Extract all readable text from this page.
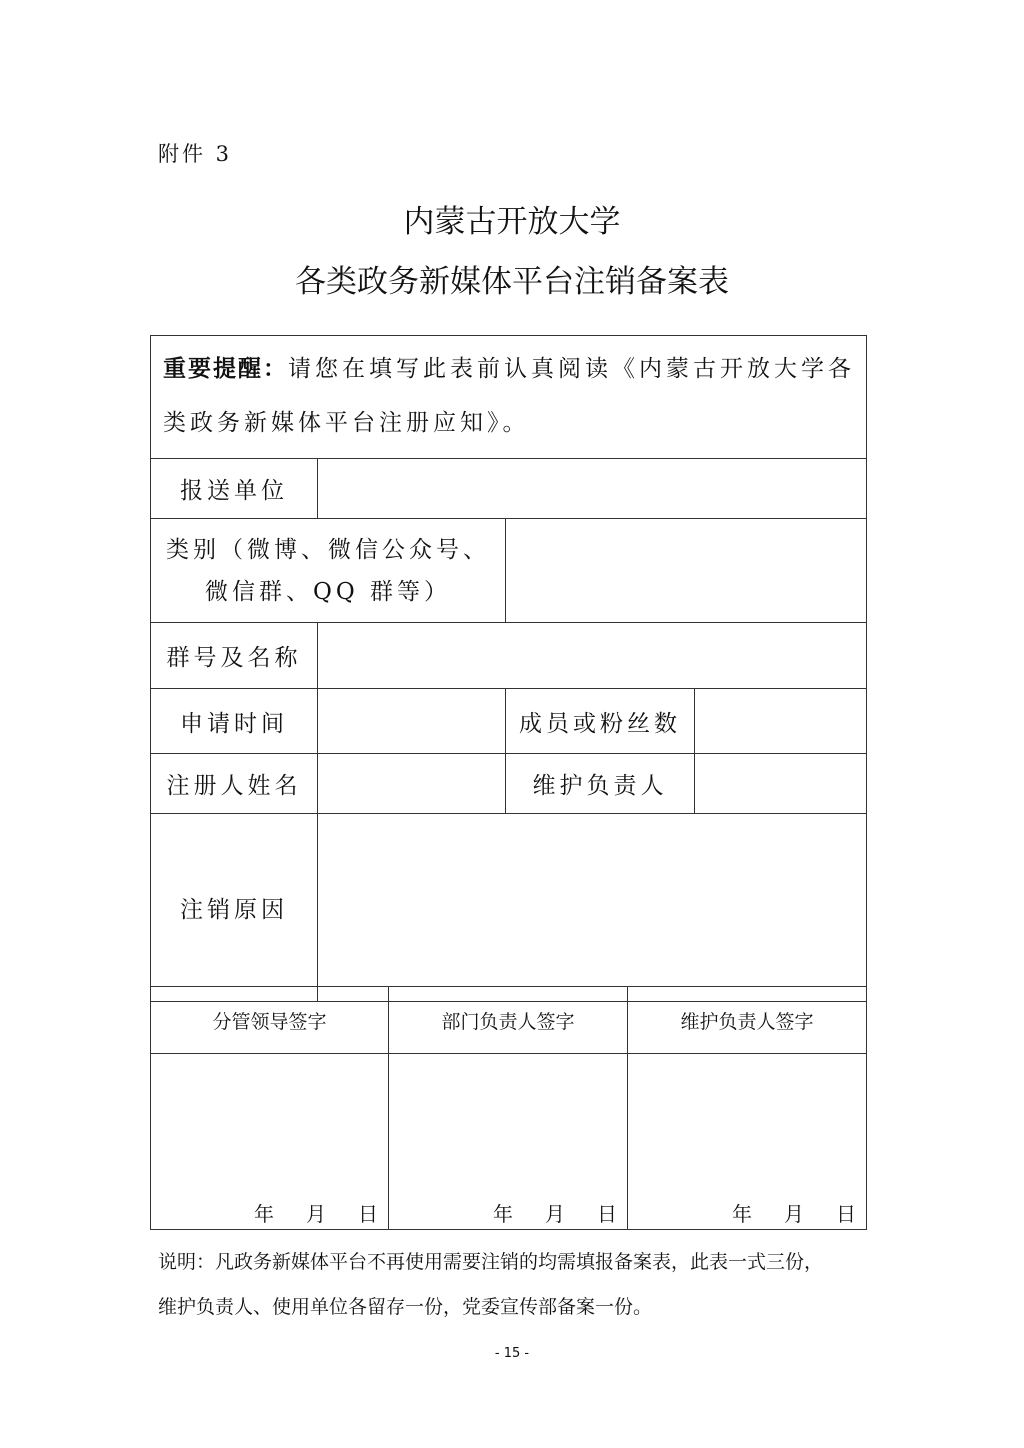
附件 3
内蒙古开放大学
各类政务新媒体平台注销备案表
重要提醒：请您在填写此表前认真阅读《内蒙古开放大学各类政务新媒体平台注册应知》。			
报送单位			

类别（微博、微信公众号、
微信群、QQ 群等）			

群号及名称			
申请时间		成员或粉丝数	
注册人姓名		维护负责人	
注销原因			
分管领导签字	部门负责人签字	维护负责人签字

年 月 日	年 月 日	年 月 日
说明：凡政务新媒体平台不再使用需要注销的均需填报备案表，此表一式三份，
维护负责人、使用单位各留存一份，党委宣传部备案一份。
- 15 -
